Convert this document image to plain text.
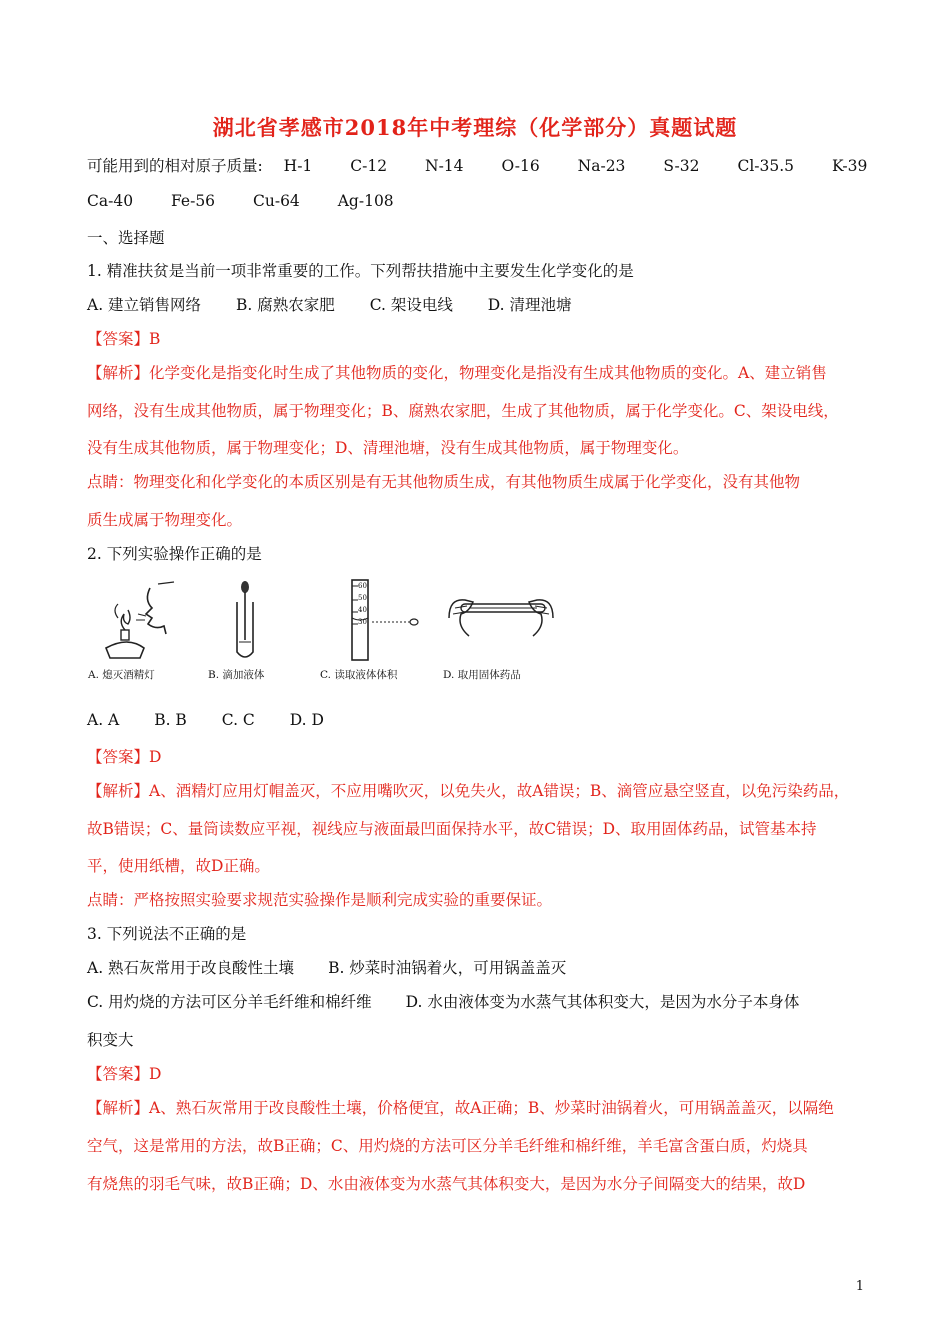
湖北省孝感市2018年中考理综（化学部分）真题试题
可能用到的相对原子质量: H-1 C-12 N-14 O-16 Na-23 S-32 Cl-35.5 K-39
Ca-40 Fe-56 Cu-64 Ag-108
一、选择题
1. 精准扶贫是当前一项非常重要的工作。下列帮扶措施中主要发生化学变化的是
A. 建立销售网络 B. 腐熟农家肥 C. 架设电线 D. 清理池塘
【答案】B
【解析】化学变化是指变化时生成了其他物质的变化，物理变化是指没有生成其他物质的变化。A、建立销售
网络，没有生成其他物质，属于物理变化；B、腐熟农家肥，生成了其他物质，属于化学变化。C、架设电线，
没有生成其他物质，属于物理变化；D、清理池塘，没有生成其他物质，属于物理变化。
点睛：物理变化和化学变化的本质区别是有无其他物质生成，有其他物质生成属于化学变化，没有其他物
质生成属于物理变化。
2. 下列实验操作正确的是
A. 熄灭酒精灯	B. 滴加液体
60
50
40
30
C. 读取液体体积	D. 取用固体药品
A. A B. B C. C D. D
【答案】D
【解析】A、酒精灯应用灯帽盖灭，不应用嘴吹灭，以免失火，故A错误；B、滴管应悬空竖直，以免污染药品，
故B错误；C、量筒读数应平视，视线应与液面最凹面保持水平，故C错误；D、取用固体药品，试管基本持
平，使用纸槽，故D正确。
点睛：严格按照实验要求规范实验操作是顺利完成实验的重要保证。
3. 下列说法不正确的是
A. 熟石灰常用于改良酸性土壤 B. 炒菜时油锅着火，可用锅盖盖灭
C. 用灼烧的方法可区分羊毛纤维和棉纤维 D. 水由液体变为水蒸气其体积变大，是因为水分子本身体
积变大
【答案】D
【解析】A、熟石灰常用于改良酸性土壤，价格便宜，故A正确；B、炒菜时油锅着火，可用锅盖盖灭，以隔绝
空气，这是常用的方法，故B正确；C、用灼烧的方法可区分羊毛纤维和棉纤维，羊毛富含蛋白质，灼烧具
有烧焦的羽毛气味，故B正确；D、水由液体变为水蒸气其体积变大，是因为水分子间隔变大的结果，故D
1
